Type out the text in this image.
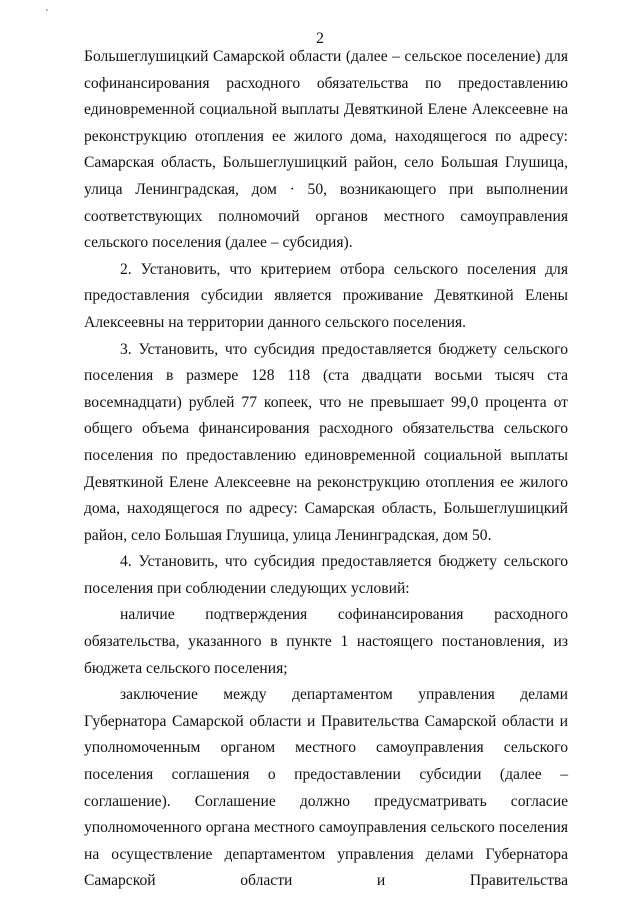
'
2

Большеглушицкий Самарской области (далее – сельское поселение) для софинансирования расходного обязательства по предоставлению единовременной социальной выплаты Девяткиной Елене Алексеевне на реконструкцию отопления ее жилого дома, находящегося по адресу: Самарская область, Большеглушицкий район, село Большая Глушица, улица Ленинградская, дом · 50, возникающего при выполнении соответствующих полномочий органов местного самоуправления сельского поселения (далее – субсидия).

2. Установить, что критерием отбора сельского поселения для предоставления субсидии является проживание Девяткиной Елены Алексеевны на территории данного сельского поселения.

3. Установить, что субсидия предоставляется бюджету сельского поселения в размере 128 118 (ста двадцати восьми тысяч ста восемнадцати) рублей 77 копеек, что не превышает 99,0 процента от общего объема финансирования расходного обязательства сельского поселения по предоставлению единовременной социальной выплаты Девяткиной Елене Алексеевне на реконструкцию отопления ее жилого дома, находящегося по адресу: Самарская область, Большеглушицкий район, село Большая Глушица, улица Ленинградская, дом 50.

4. Установить, что субсидия предоставляется бюджету сельского поселения при соблюдении следующих условий:

наличие подтверждения софинансирования расходного обязательства, указанного в пункте 1 настоящего постановления, из бюджета сельского поселения;

заключение между департаментом управления делами Губернатора Самарской области и Правительства Самарской области и уполномоченным органом местного самоуправления сельского поселения соглашения о предоставлении субсидии (далее – соглашение). Соглашение должно предусматривать согласие уполномоченного органа местного самоуправления сельского поселения на осуществление департаментом управления делами Губернатора Самарской области и Правительства
